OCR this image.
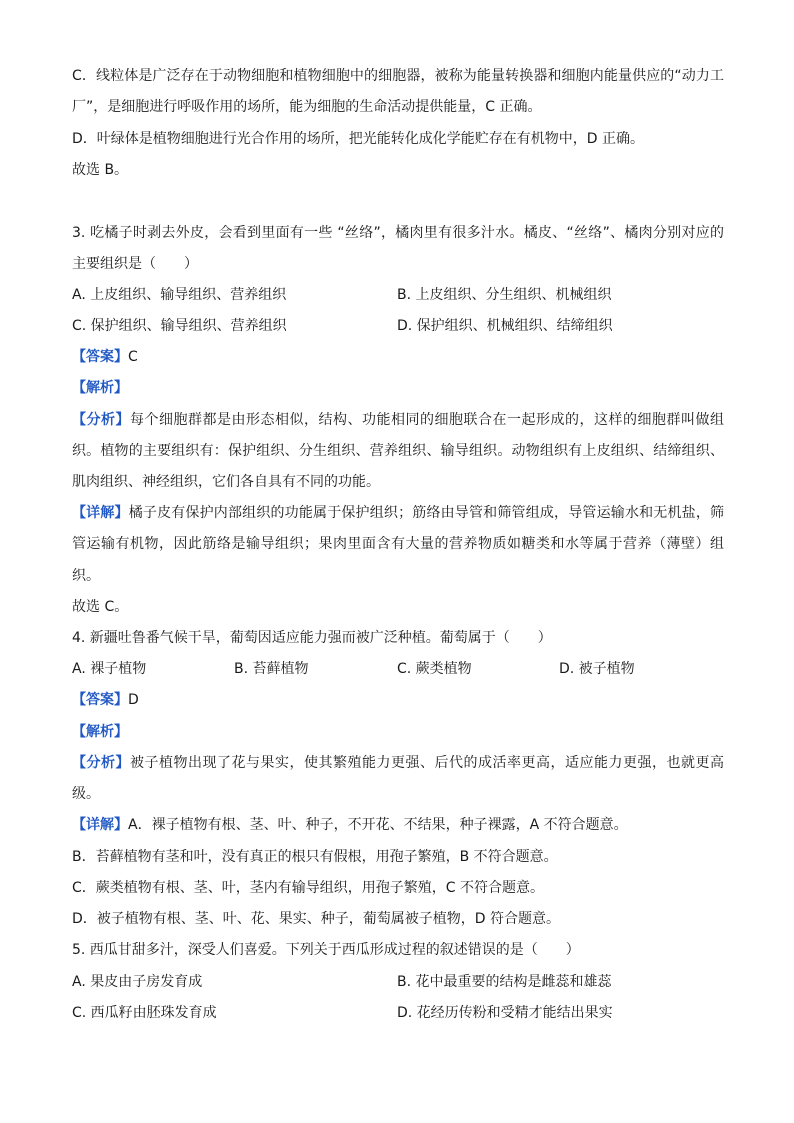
C．线粒体是广泛存在于动物细胞和植物细胞中的细胞器，被称为能量转换器和细胞内能量供应的“动力工
厂”，是细胞进行呼吸作用的场所，能为细胞的生命活动提供能量，C 正确。
D．叶绿体是植物细胞进行光合作用的场所，把光能转化成化学能贮存在有机物中，D 正确。
故选 B。
3. 吃橘子时剥去外皮，会看到里面有一些 “丝络”，橘肉里有很多汁水。橘皮、“丝络”、橘肉分别对应的
主要组织是（　　）
A. 上皮组织、输导组织、营养组织	B. 上皮组织、分生组织、机械组织
C. 保护组织、输导组织、营养组织	D. 保护组织、机械组织、结缔组织
【答案】C
【解析】
【分析】每个细胞群都是由形态相似，结构、功能相同的细胞联合在一起形成的，这样的细胞群叫做组
织。植物的主要组织有：保护组织、分生组织、营养组织、输导组织。动物组织有上皮组织、结缔组织、
肌肉组织、神经组织，它们各自具有不同的功能。
【详解】橘子皮有保护内部组织的功能属于保护组织；筋络由导管和筛管组成，导管运输水和无机盐，筛
管运输有机物，因此筋络是输导组织；果肉里面含有大量的营养物质如糖类和水等属于营养（薄壁）组
织。
故选 C。
4. 新疆吐鲁番气候干旱，葡萄因适应能力强而被广泛种植。葡萄属于（　　）
A. 裸子植物	B. 苔藓植物	C. 蕨类植物	D. 被子植物
【答案】D
【解析】
【分析】被子植物出现了花与果实，使其繁殖能力更强、后代的成活率更高，适应能力更强，也就更高
级。
【详解】A．裸子植物有根、茎、叶、种子，不开花、不结果，种子裸露，A 不符合题意。
B．苔藓植物有茎和叶，没有真正的根只有假根，用孢子繁殖，B 不符合题意。
C．蕨类植物有根、茎、叶，茎内有输导组织，用孢子繁殖，C 不符合题意。
D．被子植物有根、茎、叶、花、果实、种子，葡萄属被子植物，D 符合题意。
5. 西瓜甘甜多汁，深受人们喜爱。下列关于西瓜形成过程的叙述错误的是（　　）
A. 果皮由子房发育成	B. 花中最重要的结构是雌蕊和雄蕊
C. 西瓜籽由胚珠发育成	D. 花经历传粉和受精才能结出果实
